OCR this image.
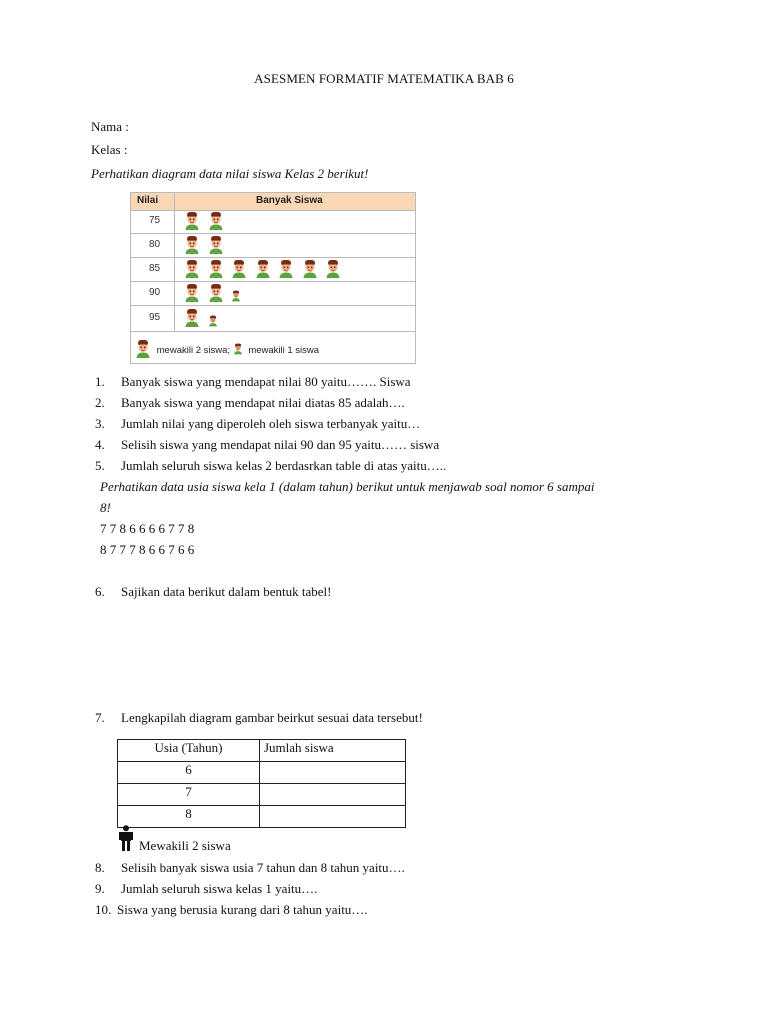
ASESMEN FORMATIF MATEMATIKA BAB 6
Nama :
Kelas :
Perhatikan diagram data nilai siswa Kelas 2 berikut!
Nilai	Banyak Siswa
75
80
85
90
95
mewakili 2 siswa; mewakili 1 siswa
1. Banyak siswa yang mendapat nilai 80 yaitu……. Siswa
2. Banyak siswa yang mendapat nilai diatas 85 adalah….
3. Jumlah nilai yang diperoleh oleh siswa terbanyak yaitu…
4. Selisih siswa yang mendapat nilai 90 dan 95 yaitu…… siswa
5. Jumlah seluruh siswa kelas 2 berdasrkan table di atas yaitu…..
Perhatikan data usia siswa kela 1 (dalam tahun) berikut untuk menjawab soal nomor 6 sampai
8!
7 7 8 6 6 6 6 7 7 8
8 7 7 7 8 6 6 7 6 6
6. Sajikan data berikut dalam bentuk tabel!
7. Lengkapilah diagram gambar beirkut sesuai data tersebut!
Usia (Tahun)	Jumlah siswa
6	
7	
8	
Mewakili 2 siswa
8. Selisih banyak siswa usia 7 tahun dan 8 tahun yaitu….
9. Jumlah seluruh siswa kelas 1 yaitu….
10. Siswa yang berusia kurang dari 8 tahun yaitu….
